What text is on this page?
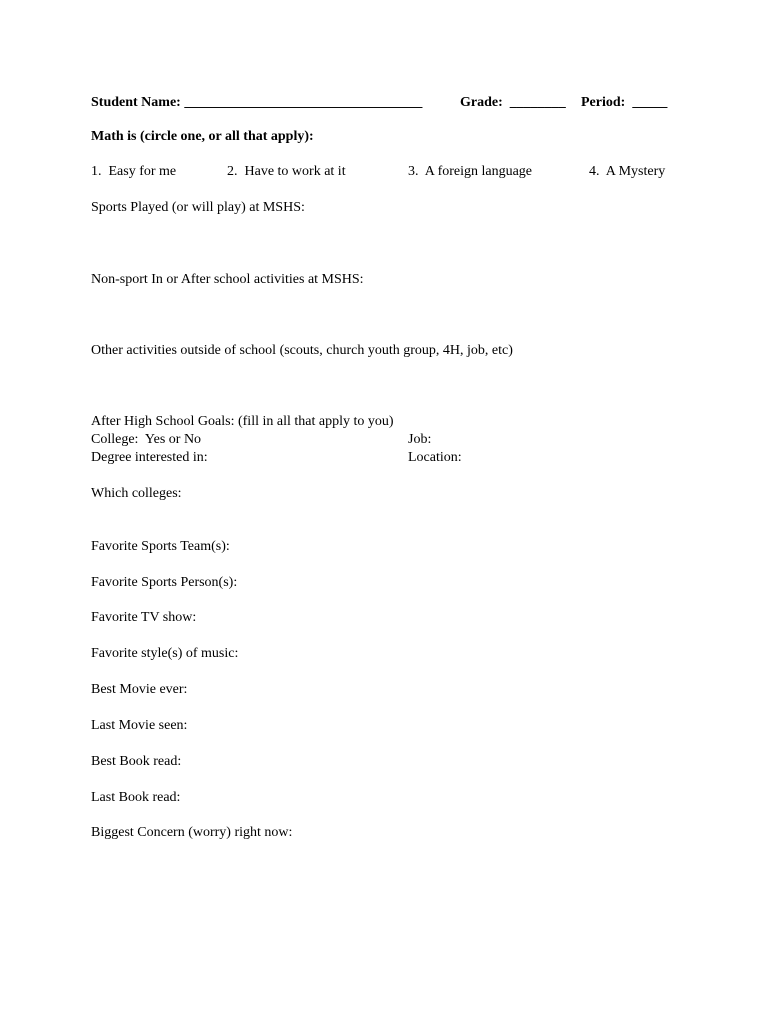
Student Name: __________________________________	Grade:  ________ Period:  _____
Math is (circle one, or all that apply):
1.  Easy for me	2.  Have to work at it	3.  A foreign language	4.  A Mystery
Sports Played (or will play) at MSHS:
Non-sport In or After school activities at MSHS:
Other activities outside of school (scouts, church youth group, 4H, job, etc)
After High School Goals: (fill in all that apply to you)
College:  Yes or No	Job:
Degree interested in:	Location:
Which colleges:
Favorite Sports Team(s):
Favorite Sports Person(s):
Favorite TV show:
Favorite style(s) of music:
Best Movie ever:
Last Movie seen:
Best Book read:
Last Book read:
Biggest Concern (worry) right now:
